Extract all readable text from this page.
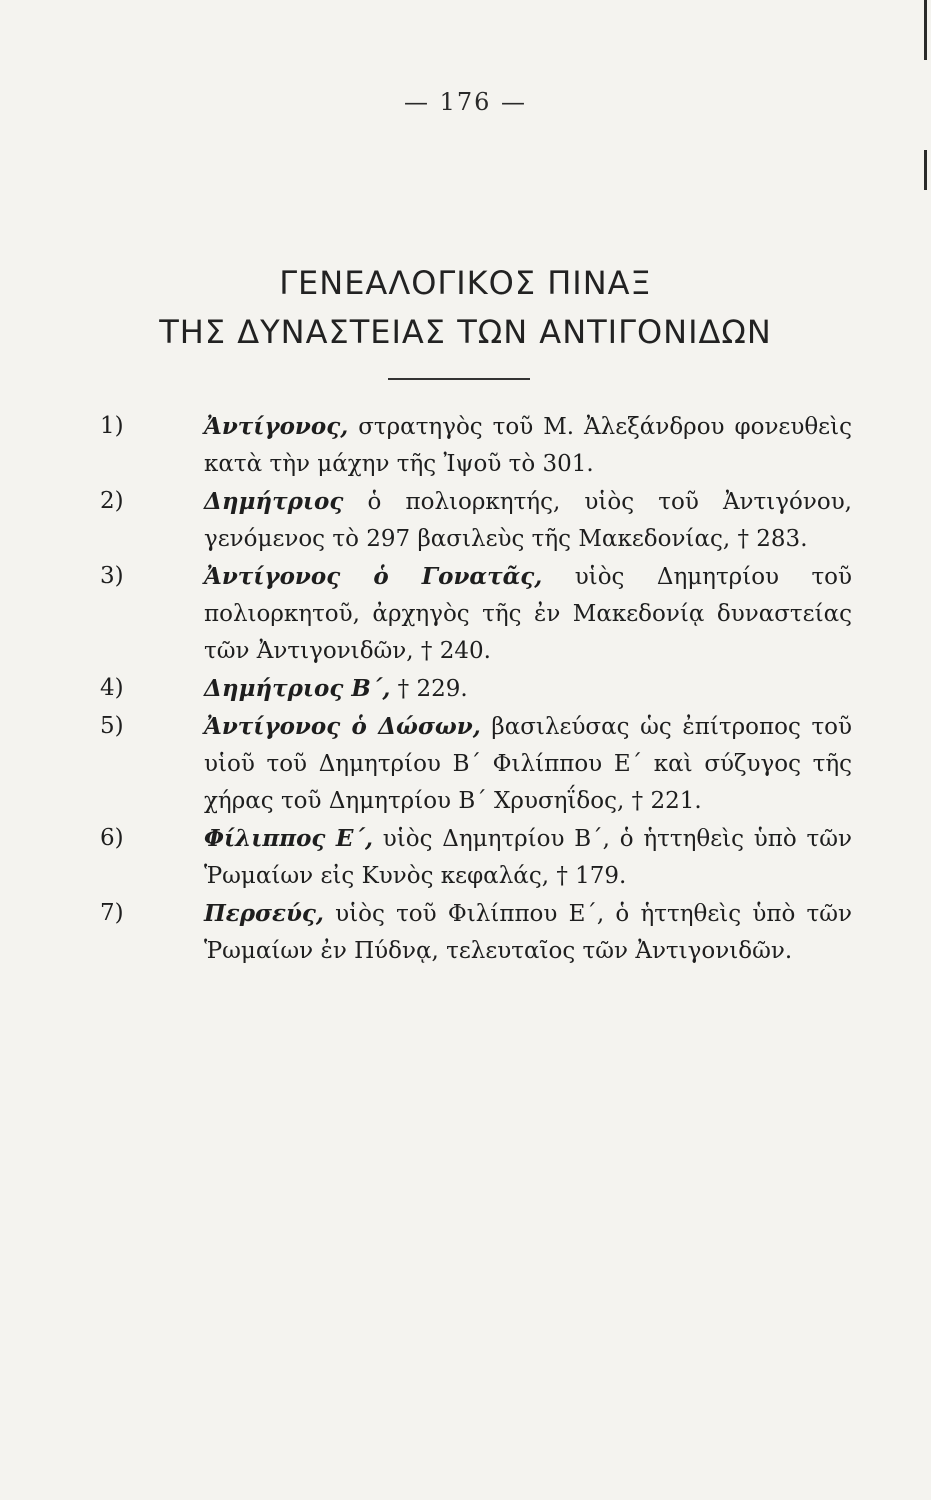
— 176 —
ΓΕΝΕΑΛΟΓΙΚΟΣ ΠΙΝΑΞ
ΤΗΣ ΔΥΝΑΣΤΕΙΑΣ ΤΩΝ ΑΝΤΙΓΟΝΙΔΩΝ
1)	Ἀντίγονος, στρατηγὸς τοῦ Μ. Ἀλεξάνδρου φονευθεὶς κατὰ τὴν μάχην τῆς Ἰψοῦ τὸ 301.
2)	Δημήτριος ὁ πολιορκητής, υἱὸς τοῦ Ἀντιγόνου, γενόμενος τὸ 297 βασιλεὺς τῆς Μακεδονίας, † 283.
3)	Ἀντίγονος ὁ Γονατᾶς, υἱὸς Δημητρίου τοῦ πολιορκητοῦ, ἀρχηγὸς τῆς ἐν Μακεδονίᾳ δυναστείας τῶν Ἀντιγονιδῶν, † 240.
4)	Δημήτριος Β΄, † 229.
5)	Ἀντίγονος ὁ Δώσων, βασιλεύσας ὡς ἐπίτροπος τοῦ υἱοῦ τοῦ Δημητρίου Β΄ Φιλίππου Ε΄ καὶ σύζυγος τῆς χήρας τοῦ Δημητρίου Β΄ Χρυσηΐδος, † 221.
6)	Φίλιππος Ε΄, υἱὸς Δημητρίου Β΄, ὁ ἡττηθεὶς ὑπὸ τῶν Ῥωμαίων εἰς Κυνὸς κεφαλάς, † 179.
7)	Περσεύς, υἱὸς τοῦ Φιλίππου Ε΄, ὁ ἡττηθεὶς ὑπὸ τῶν Ῥωμαίων ἐν Πύδνᾳ, τελευταῖος τῶν Ἀντιγονιδῶν.
